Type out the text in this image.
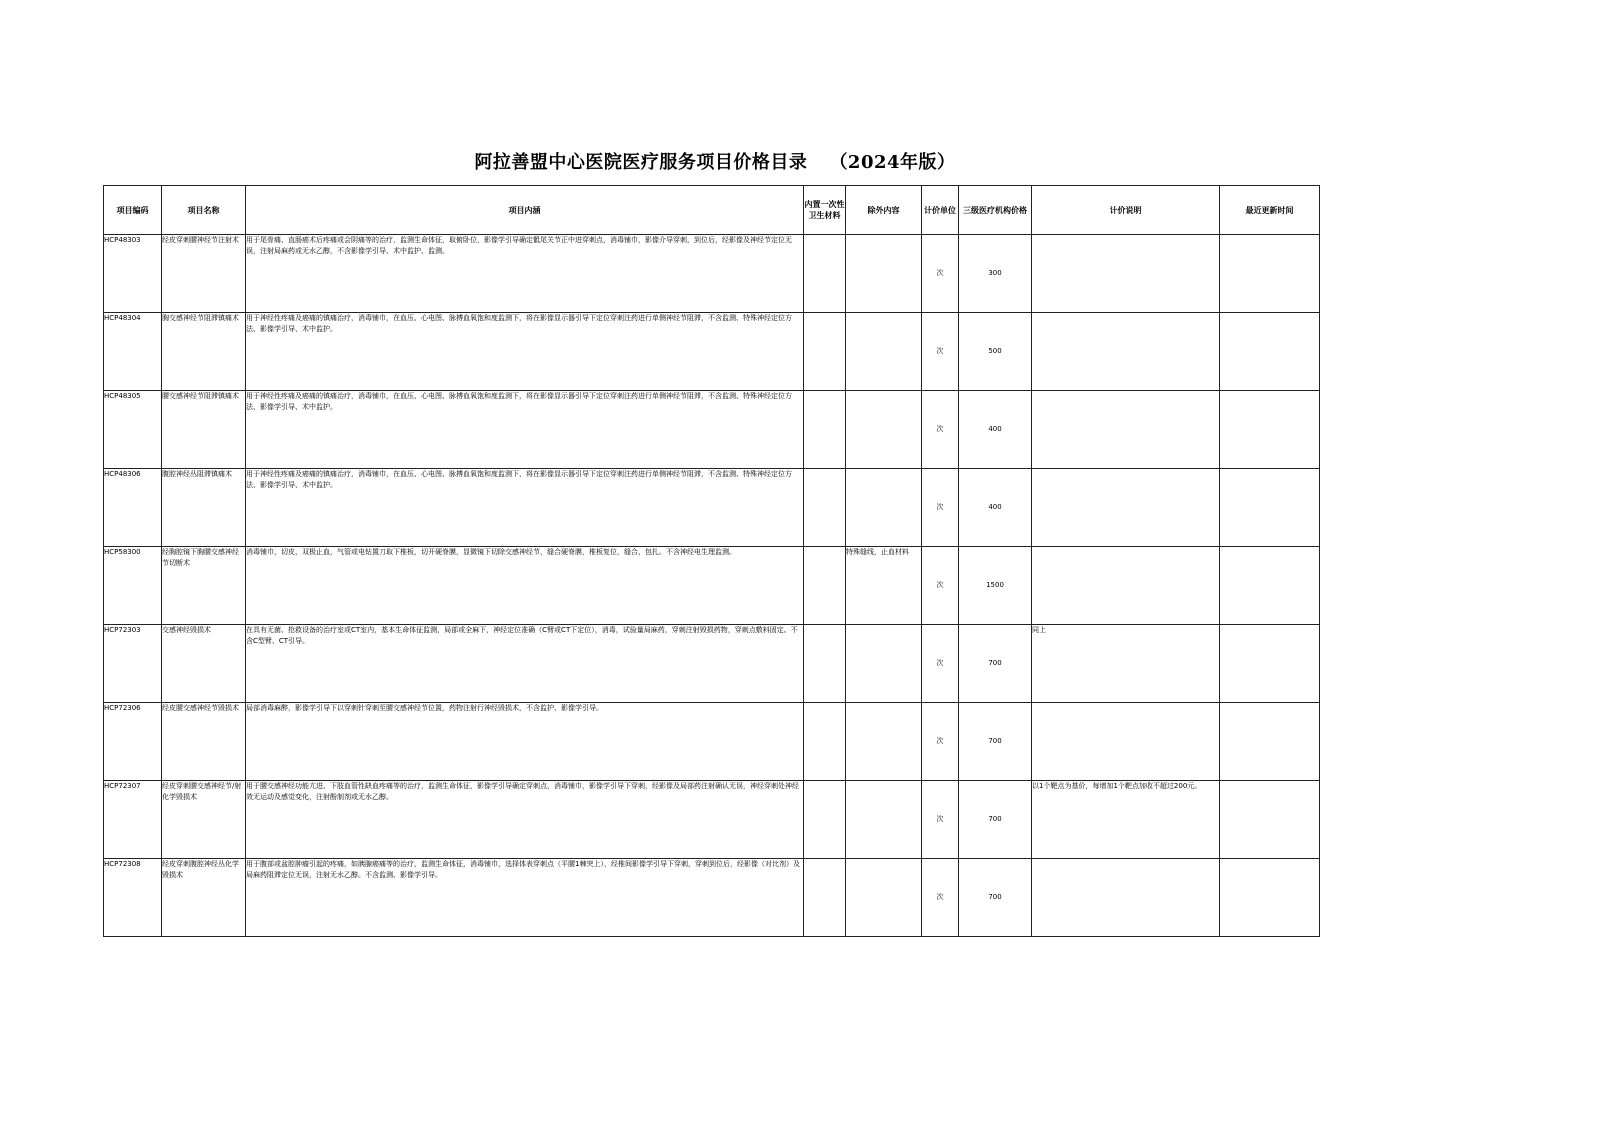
阿拉善盟中心医院医疗服务项目价格目录 （2024年版）
项目编码	项目名称	项目内涵	内置一次性卫生材料	除外内容	计价单位	三级医疗机构价格	计价说明	最近更新时间
HCP48303	经皮穿刺腰神经节注射术	用于尾骨痛、直肠癌术后疼痛或会阴痛等的治疗，监测生命体征，取俯卧位，影像学引导确定骶尾关节正中进穿刺点，消毒铺巾，影像介导穿刺，到位后，经影像及神经节定位无误，注射局麻药或无水乙醇，不含影像学引导、术中监护、监测。			次	300		
HCP48304	胸交感神经节阻滞镇痛术	用于神经性疼痛及癌痛的镇痛治疗，消毒铺巾，在血压、心电图、脉搏血氧饱和度监测下，将在影像显示器引导下定位穿刺注药进行单侧神经节阻滞，不含监测、特殊神经定位方法、影像学引导、术中监护。			次	500		
HCP48305	腰交感神经节阻滞镇痛术	用于神经性疼痛及癌痛的镇痛治疗，消毒铺巾，在血压、心电图、脉搏血氧饱和度监测下，将在影像显示器引导下定位穿刺注药进行单侧神经节阻滞，不含监测、特殊神经定位方法、影像学引导、术中监护。			次	400		
HCP48306	腹腔神经丛阻滞镇痛术	用于神经性疼痛及癌痛的镇痛治疗，消毒铺巾，在血压、心电图、脉搏血氧饱和度监测下，将在影像显示器引导下定位穿刺注药进行单侧神经节阻滞，不含监测、特殊神经定位方法、影像学引导、术中监护。			次	400		
HCP58300	经胸腔镜下胸腰交感神经节切断术	消毒铺巾，切皮，双极止血，气管或电钻置刀取下椎板，切开硬脊膜，显微镜下切除交感神经节，缝合硬脊膜，椎板复位，缝合，包扎。不含神经电生理监测。		特殊缝线，止血材料	次	1500		
HCP72303	交感神经毁损术	在具有无菌、抢救设备的治疗室或CT室内，基本生命体征监测，局部或全麻下，神经定位准确（C臂或CT下定位），消毒，试验量局麻药，穿刺注射毁损药物，穿刺点敷料固定。不含C型臂、CT引导。			次	700	同上	
HCP72306	经皮腰交感神经节毁损术	局部消毒麻醉，影像学引导下以穿刺针穿刺至腰交感神经节位置，药物注射行神经毁损术，不含监护、影像学引导。			次	700		
HCP72307	经皮穿刺腰交感神经节/射化学毁损术	用于腰交感神经功能亢进、下肢血管性缺血疼痛等的治疗，监测生命体征，影像学引导确定穿刺点，消毒铺巾，影像学引导下穿刺，经影像及局部药注射确认无误，神经穿刺处神经效无运动及感觉变化，注射酚制剂或无水乙醇。			次	700	以1个靶点为基价，每增加1个靶点加收不超过200元。	
HCP72308	经皮穿刺腹腔神经丛化学毁损术	用于腹部或盆腔肿瘤引起的疼痛，如胰腺癌痛等的治疗，监测生命体征，消毒铺巾，选择体表穿刺点（平腰1棘突上），经椎间影像学引导下穿刺，穿刺到位后，经影像（对比剂）及局麻药阻滞定位无误，注射无水乙醇。不含监测、影像学引导。			次	700		
